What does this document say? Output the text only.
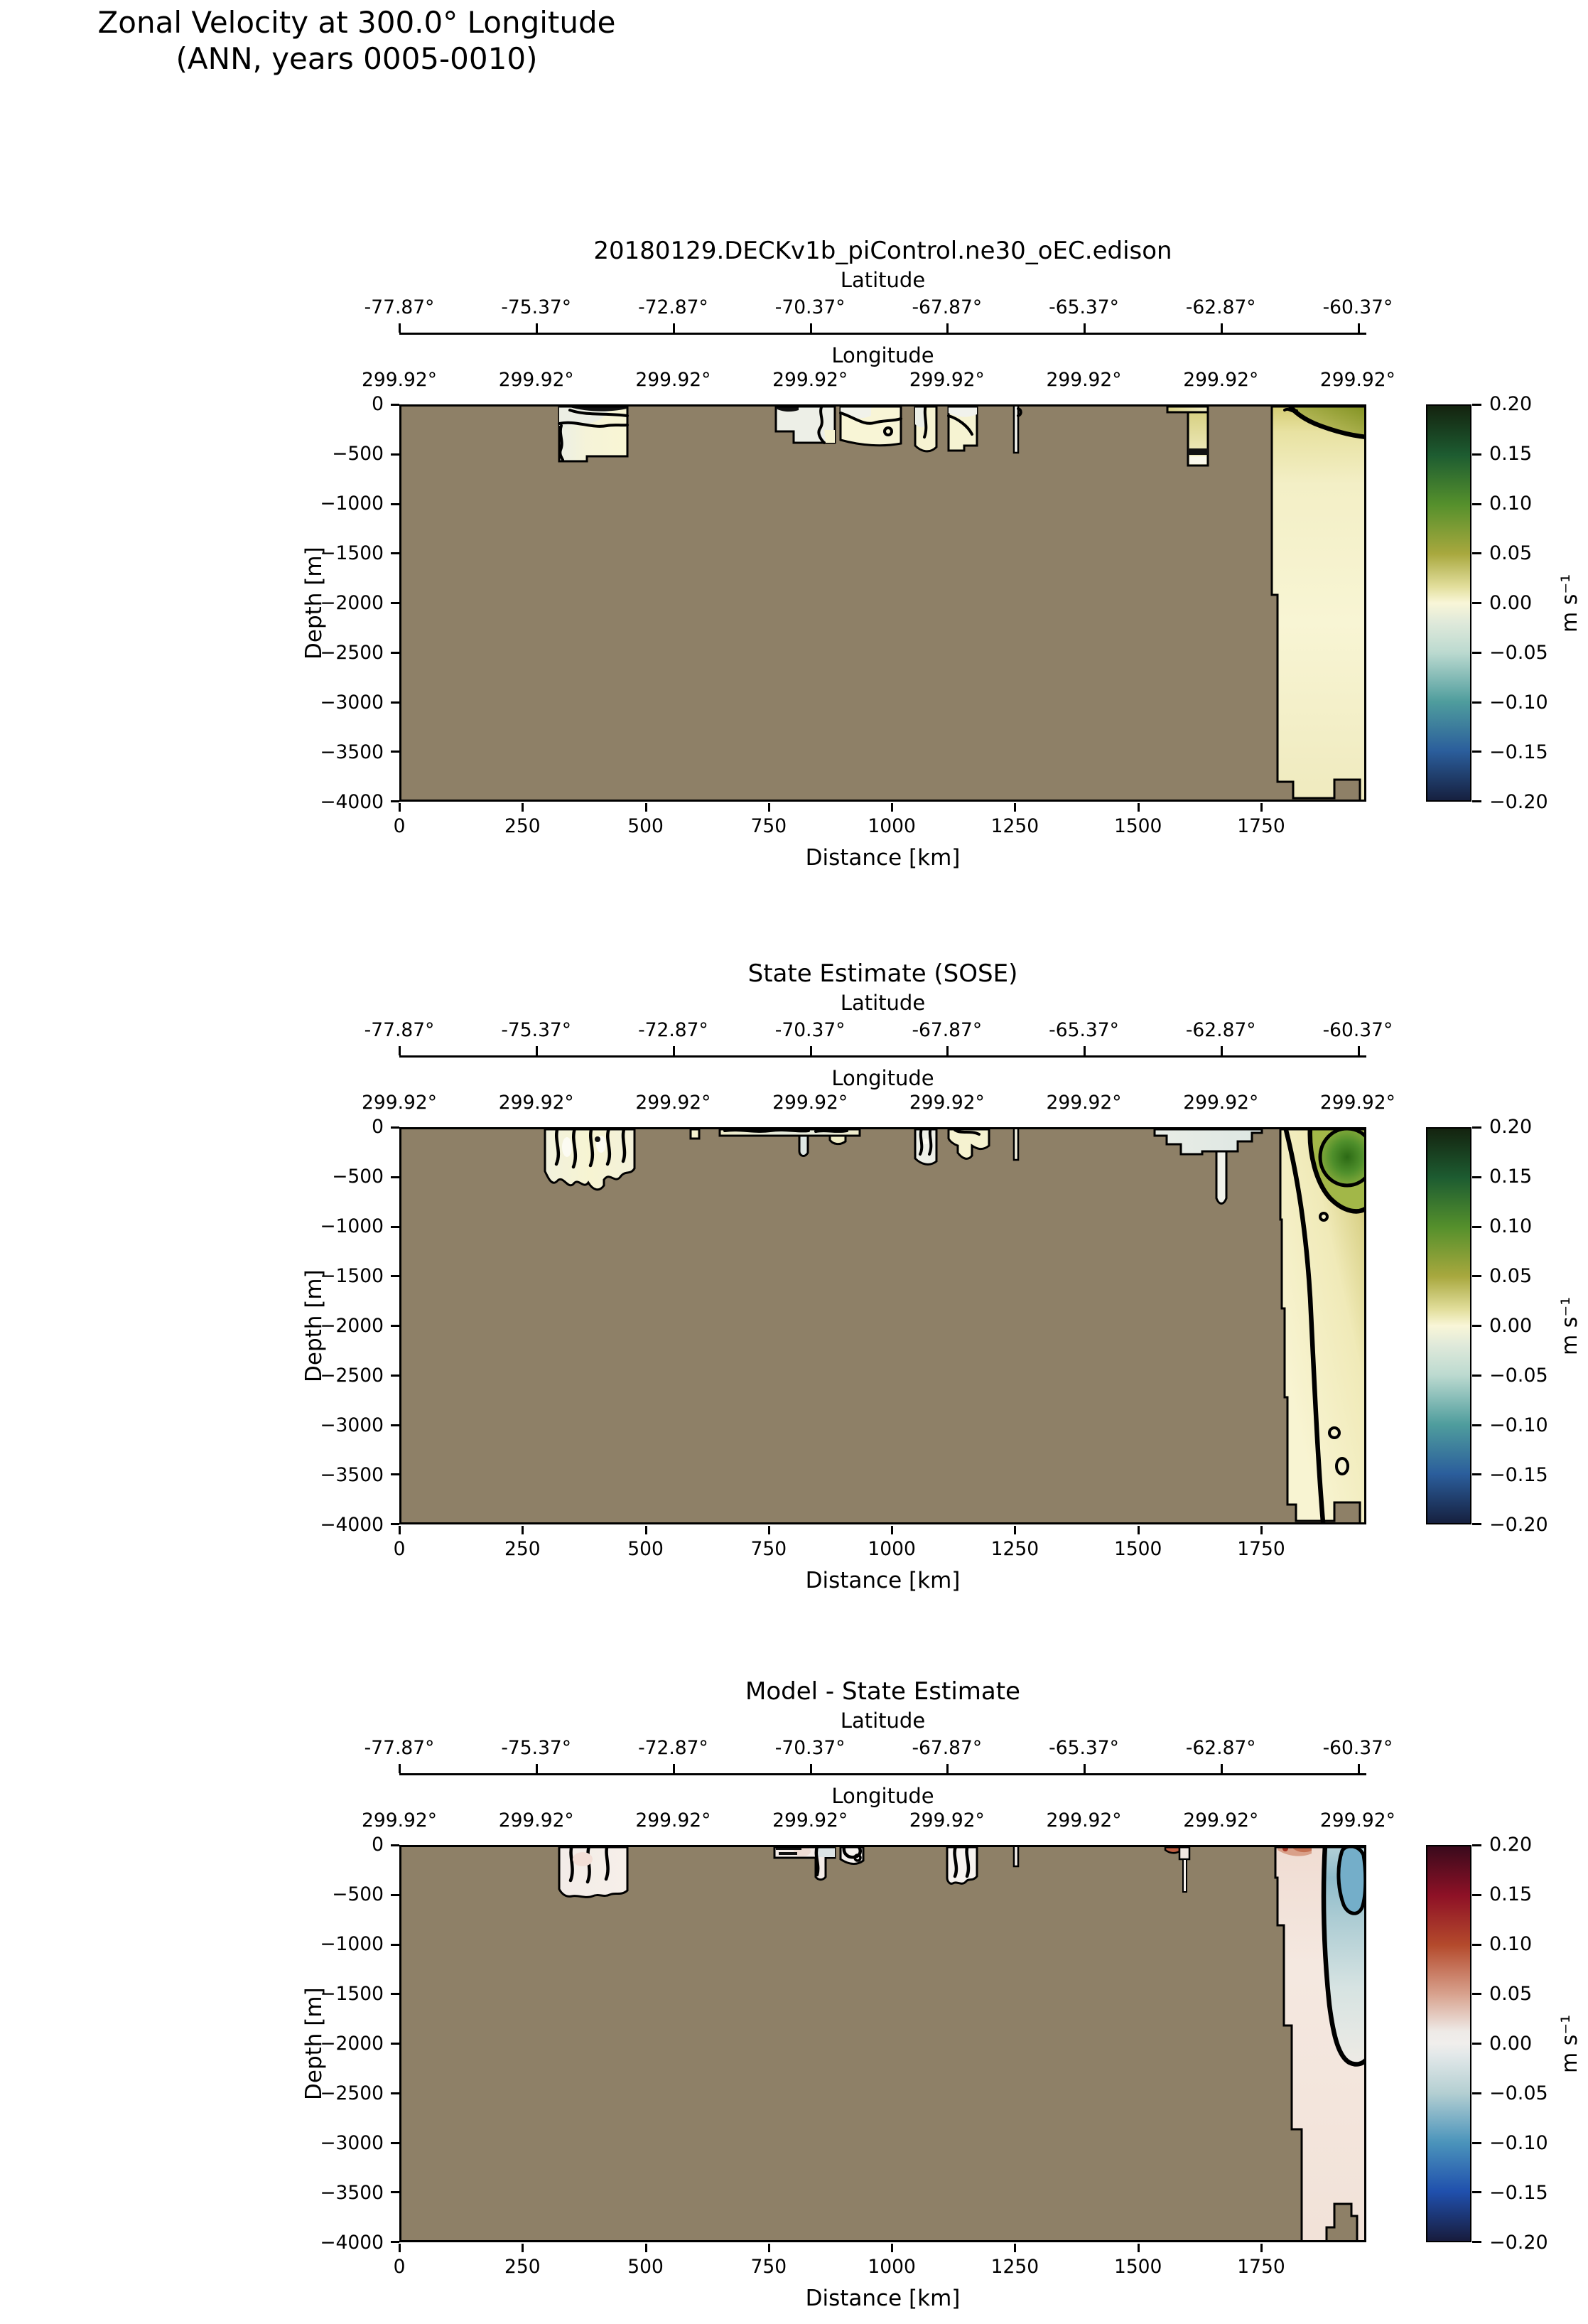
Zonal Velocity at 300.0° Longitude
(ANN, years 0005-0010)
20180129.DECKv1b_piControl.ne30_oEC.edison
Latitude
-77.87°	-75.37°	-72.87°	-70.37°	-67.87°	-65.37°	-62.87°	-60.37°
Longitude
299.92°	299.92°	299.92°	299.92°	299.92°	299.92°	299.92°	299.92°
0
−500
−1000
−1500
−2000
−2500
−3000
−3500
−4000
Depth [m]
0	250	500	750	1000	1250	1500	1750
Distance [km]
0.20
0.15
0.10
0.05
0.00
−0.05
−0.10
−0.15
−0.20
m s⁻¹
State Estimate (SOSE)
Latitude
-77.87°	-75.37°	-72.87°	-70.37°	-67.87°	-65.37°	-62.87°	-60.37°
Longitude
299.92°	299.92°	299.92°	299.92°	299.92°	299.92°	299.92°	299.92°
0
−500
−1000
−1500
−2000
−2500
−3000
−3500
−4000
Depth [m]
0	250	500	750	1000	1250	1500	1750
Distance [km]
0.20
0.15
0.10
0.05
0.00
−0.05
−0.10
−0.15
−0.20
m s⁻¹
Model - State Estimate
Latitude
-77.87°	-75.37°	-72.87°	-70.37°	-67.87°	-65.37°	-62.87°	-60.37°
Longitude
299.92°	299.92°	299.92°	299.92°	299.92°	299.92°	299.92°	299.92°
0
−500
−1000
−1500
−2000
−2500
−3000
−3500
−4000
Depth [m]
0	250	500	750	1000	1250	1500	1750
Distance [km]
0.20
0.15
0.10
0.05
0.00
−0.05
−0.10
−0.15
−0.20
m s⁻¹
